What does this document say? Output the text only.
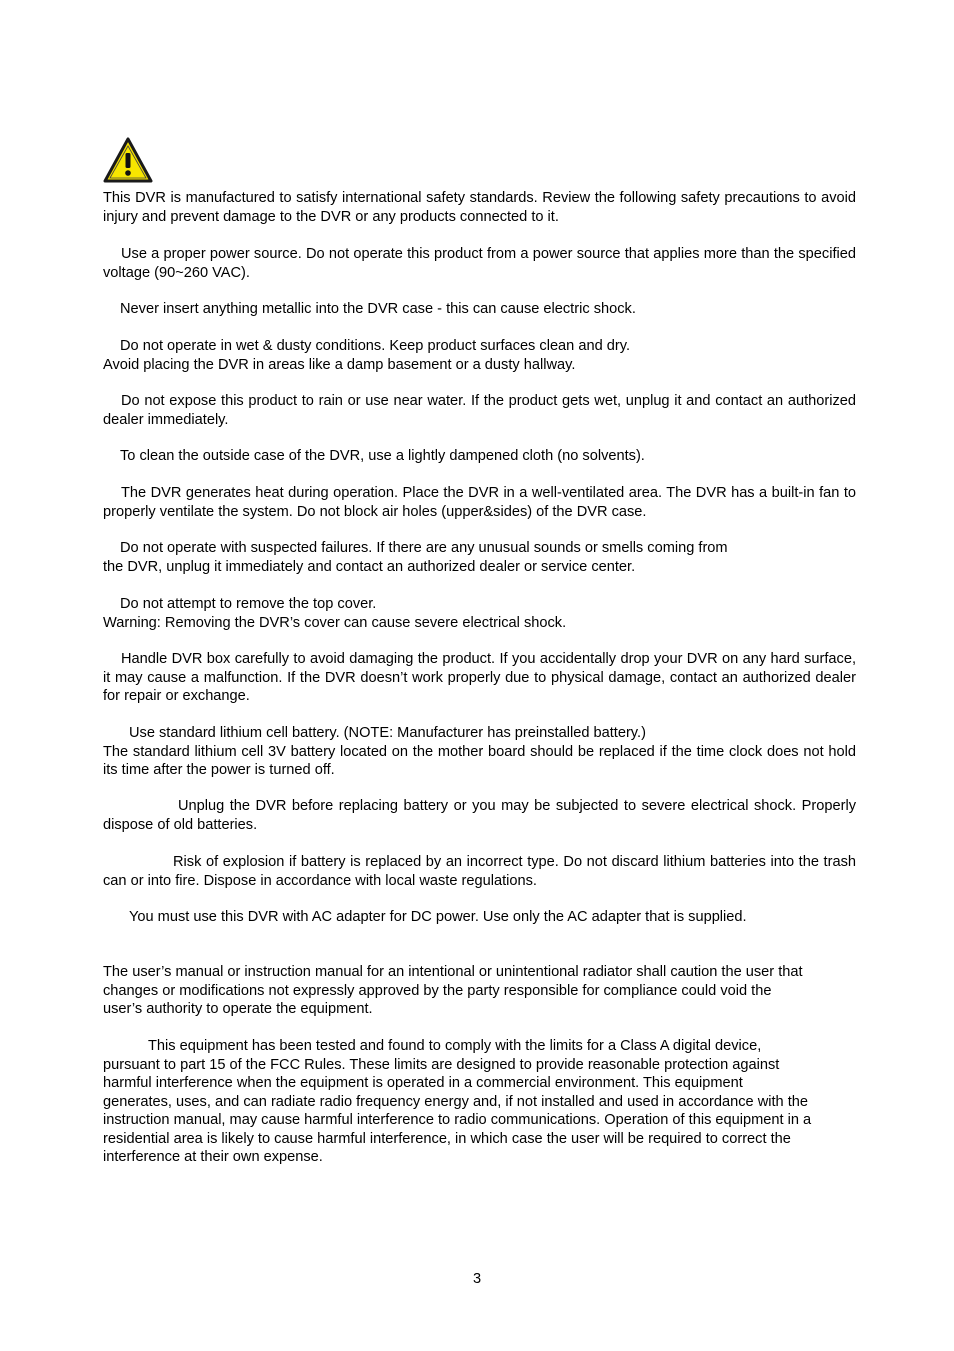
This DVR is manufactured to satisfy international safety standards. Review the following safety precautions to avoid injury and prevent damage to the DVR or any products connected to it.

Use a proper power source. Do not operate this product from a power source that applies more than the specified voltage (90~260 VAC).

Never insert anything metallic into the DVR case - this can cause electric shock.

Do not operate in wet & dusty conditions. Keep product surfaces clean and dry.

Avoid placing the DVR in areas like a damp basement or a dusty hallway.

Do not expose this product to rain or use near water. If the product gets wet, unplug it and contact an authorized dealer immediately.

To clean the outside case of the DVR, use a lightly dampened cloth (no solvents).

The DVR generates heat during operation. Place the DVR in a well-ventilated area. The DVR has a built-in fan to properly ventilate the system. Do not block air holes (upper&sides) of the DVR case.

Do not operate with suspected failures. If there are any unusual sounds or smells coming from

the DVR, unplug it immediately and contact an authorized dealer or service center.

Do not attempt to remove the top cover.

Warning: Removing the DVR’s cover can cause severe electrical shock.

Handle DVR box carefully to avoid damaging the product. If you accidentally drop your DVR on any hard surface, it may cause a malfunction. If the DVR doesn’t work properly due to physical damage, contact an authorized dealer for repair or exchange.

Use standard lithium cell battery. (NOTE: Manufacturer has preinstalled battery.)

The standard lithium cell 3V battery located on the mother board should be replaced if the time clock does not hold its time after the power is turned off.

Unplug the DVR before replacing battery or you may be subjected to severe electrical shock. Properly dispose of old batteries.

Risk of explosion if battery is replaced by an incorrect type. Do not discard lithium batteries into the trash can or into fire. Dispose in accordance with local waste regulations.

You must use this DVR with AC adapter for DC power. Use only the AC adapter that is supplied.

The user’s manual or instruction manual for an intentional or unintentional radiator shall caution the user that changes or modifications not expressly approved by the party responsible for compliance could void the user’s authority to operate the equipment.

This equipment has been tested and found to comply with the limits for a Class A digital device, pursuant to part 15 of the FCC Rules. These limits are designed to provide reasonable protection against harmful interference when the equipment is operated in a commercial environment. This equipment generates, uses, and can radiate radio frequency energy and, if not installed and used in accordance with the instruction manual, may cause harmful interference to radio communications. Operation of this equipment in a residential area is likely to cause harmful interference, in which case the user will be required to correct the interference at their own expense.

3
